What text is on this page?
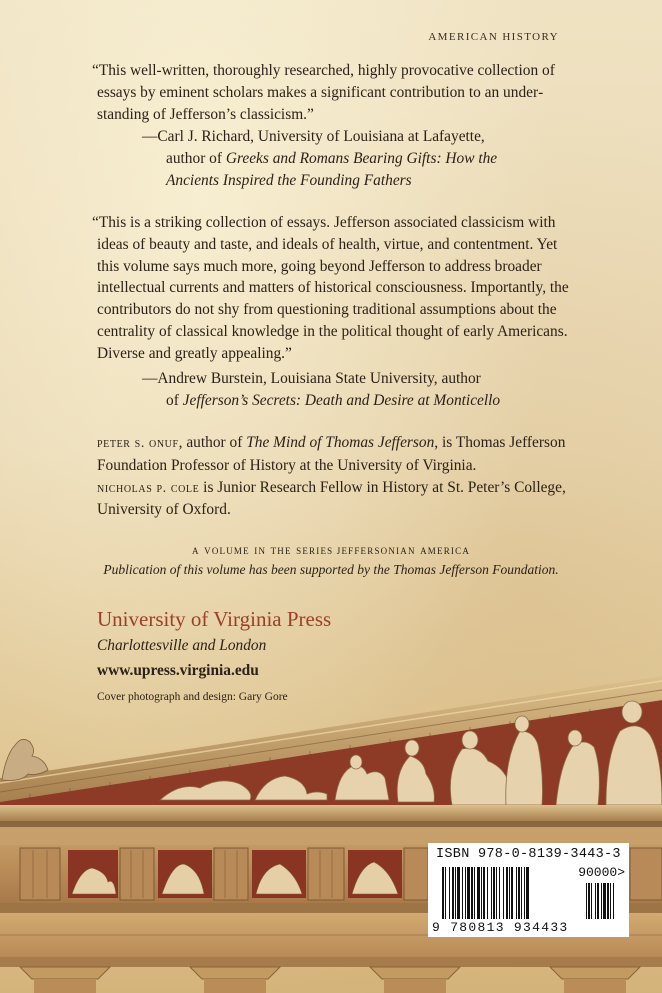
AMERICAN HISTORY
“This well-written, thoroughly researched, highly provocative collection of essays by eminent scholars makes a significant contribution to an understanding of Jefferson’s classicism.”
—Carl J. Richard, University of Louisiana at Lafayette,
author of Greeks and Romans Bearing Gifts: How the
Ancients Inspired the Founding Fathers
“This is a striking collection of essays. Jefferson associated classicism with ideas of beauty and taste, and ideals of health, virtue, and contentment. Yet this volume says much more, going beyond Jefferson to address broader intellectual currents and matters of historical consciousness. Importantly, the contributors do not shy from questioning traditional assumptions about the centrality of classical knowledge in the political thought of early Americans. Diverse and greatly appealing.”
—Andrew Burstein, Louisiana State University, author
of Jefferson’s Secrets: Death and Desire at Monticello
peter s. onuf, author of The Mind of Thomas Jefferson, is Thomas Jefferson Foundation Professor of History at the University of Virginia.
nicholas p. cole is Junior Research Fellow in History at St. Peter’s College, University of Oxford.
a volume in the series jeffersonian america
Publication of this volume has been supported by the Thomas Jefferson Foundation.
University of Virginia Press
Charlottesville and London
www.upress.virginia.edu
Cover photograph and design: Gary Gore
ISBN 978-0-8139-3443-3
90000>
9 780813 934433
